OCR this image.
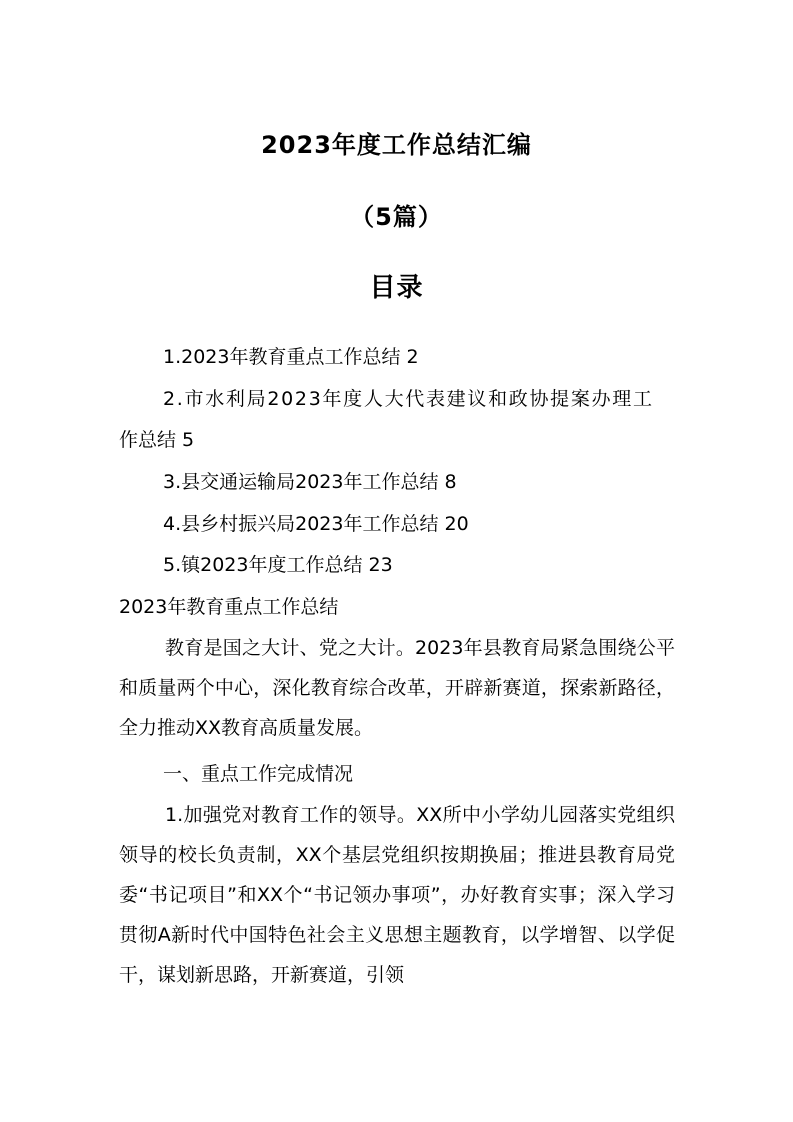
2023年度工作总结汇编
（5篇）
目录
1.2023年教育重点工作总结 2
2.市水利局2023年度人大代表建议和政协提案办理工
作总结 5
3.县交通运输局2023年工作总结 8
4.县乡村振兴局2023年工作总结 20
5.镇2023年度工作总结 23
2023年教育重点工作总结

教育是国之大计、党之大计。2023年县教育局紧急围绕公平和质量两个中心，深化教育综合改革，开辟新赛道，探索新路径，全力推动XX教育高质量发展。

一、重点工作完成情况

1.加强党对教育工作的领导。XX所中小学幼儿园落实党组织领导的校长负责制，XX个基层党组织按期换届；推进县教育局党委“书记项目”和XX个“书记领办事项”，办好教育实事；深入学习贯彻A新时代中国特色社会主义思想主题教育，以学增智、以学促干，谋划新思路，开新赛道，引领
